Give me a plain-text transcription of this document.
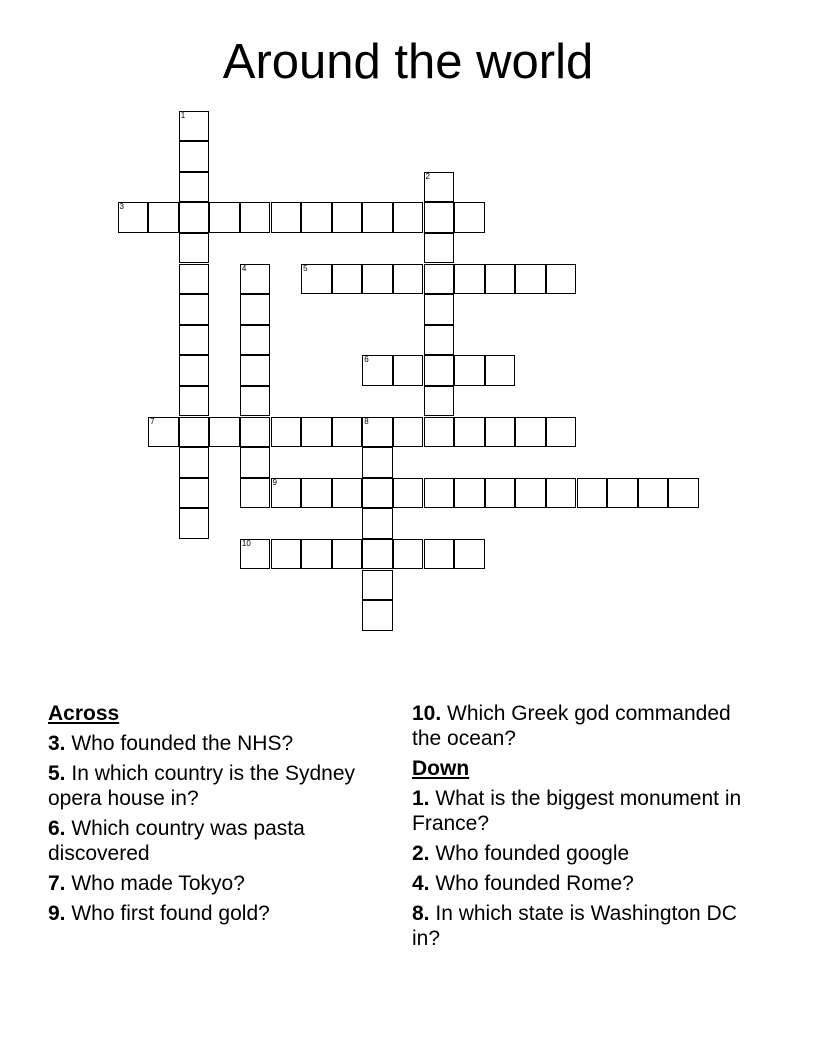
Around the world
1
2
3
4	5
6
7	8
9
10
Across
3. Who founded the NHS?
5. In which country is the Sydney opera house in?
6. Which country was pasta discovered
7. Who made Tokyo?
9. Who first found gold?
10. Which Greek god commanded the ocean?
Down
1. What is the biggest monument in France?
2. Who founded google
4. Who founded Rome?
8. In which state is Washington DC in?
